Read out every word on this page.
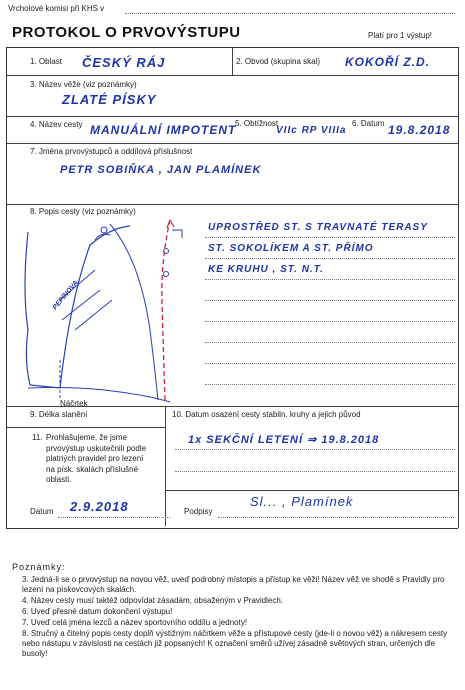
Vrcholové komisi při KHS v
PROTOKOL O PRVOVÝSTUPU	Platí pro 1 výstup!
1. Oblast ČESKÝ RÁJ	2. Obvod (skupina skal) KOKOŘÍ Z.D.
3. Název věže (viz poznámky)
ZLATÉ PÍSKY
4. Název cesty MANUÁLNÍ IMPOTENT
5. Obtížnost
VIIc RP VIIIa
6. Datum 19.8.2018
7. Jména prvovýstupců a oddílová příslušnost
PETR SOBIŇKA , JAN PLAMÍNEK
8. Popis cesty (viz poznámky)
UPROSTŘED ST. S TRAVNATÉ TERASY
ST. SOKOLÍKEM A ST. PŘÍMO
KE KRUHU , ST. N.T.
PEPÍNOVA
Náčrtek
9. Délka slanění	10. Datum osazení cesty stabiln. kruhy a jejich původ
1x SEKČNÍ LETENÍ ⇒ 19.8.2018
11. Prohlašujeme, že jsme prvovýstup uskutečnili podle platných pravidel pro lezení na písk. skalách příslušné oblasti.
Datum 2.9.2018	Podpisy
Sl... , Plamínek
Poznámky:
3. Jedná-li se o prvovýstup na novou věž, uveď podrobný místopis a přístup ke věži! Název věž ve shodě s Pravidly pro lezení na pískovcových skalách.
4. Název cesty musí taktéž odpovídat zásadám, obsaženým v Pravidlech.
6. Uveď přesné datum dokončení výstupu!
7. Uveď celá jména lezců a název sportovního oddílu a jednoty!
8. Stručný a čitelný popis cesty doplň výstižným náčrtkem věže a přístupové cesty (jde-li o novou věž) a nákresem cesty nebo nástupu v závislosti na cestách již popsaných! K označení směrů užívej zásadně světových stran, určených dle busoly!
